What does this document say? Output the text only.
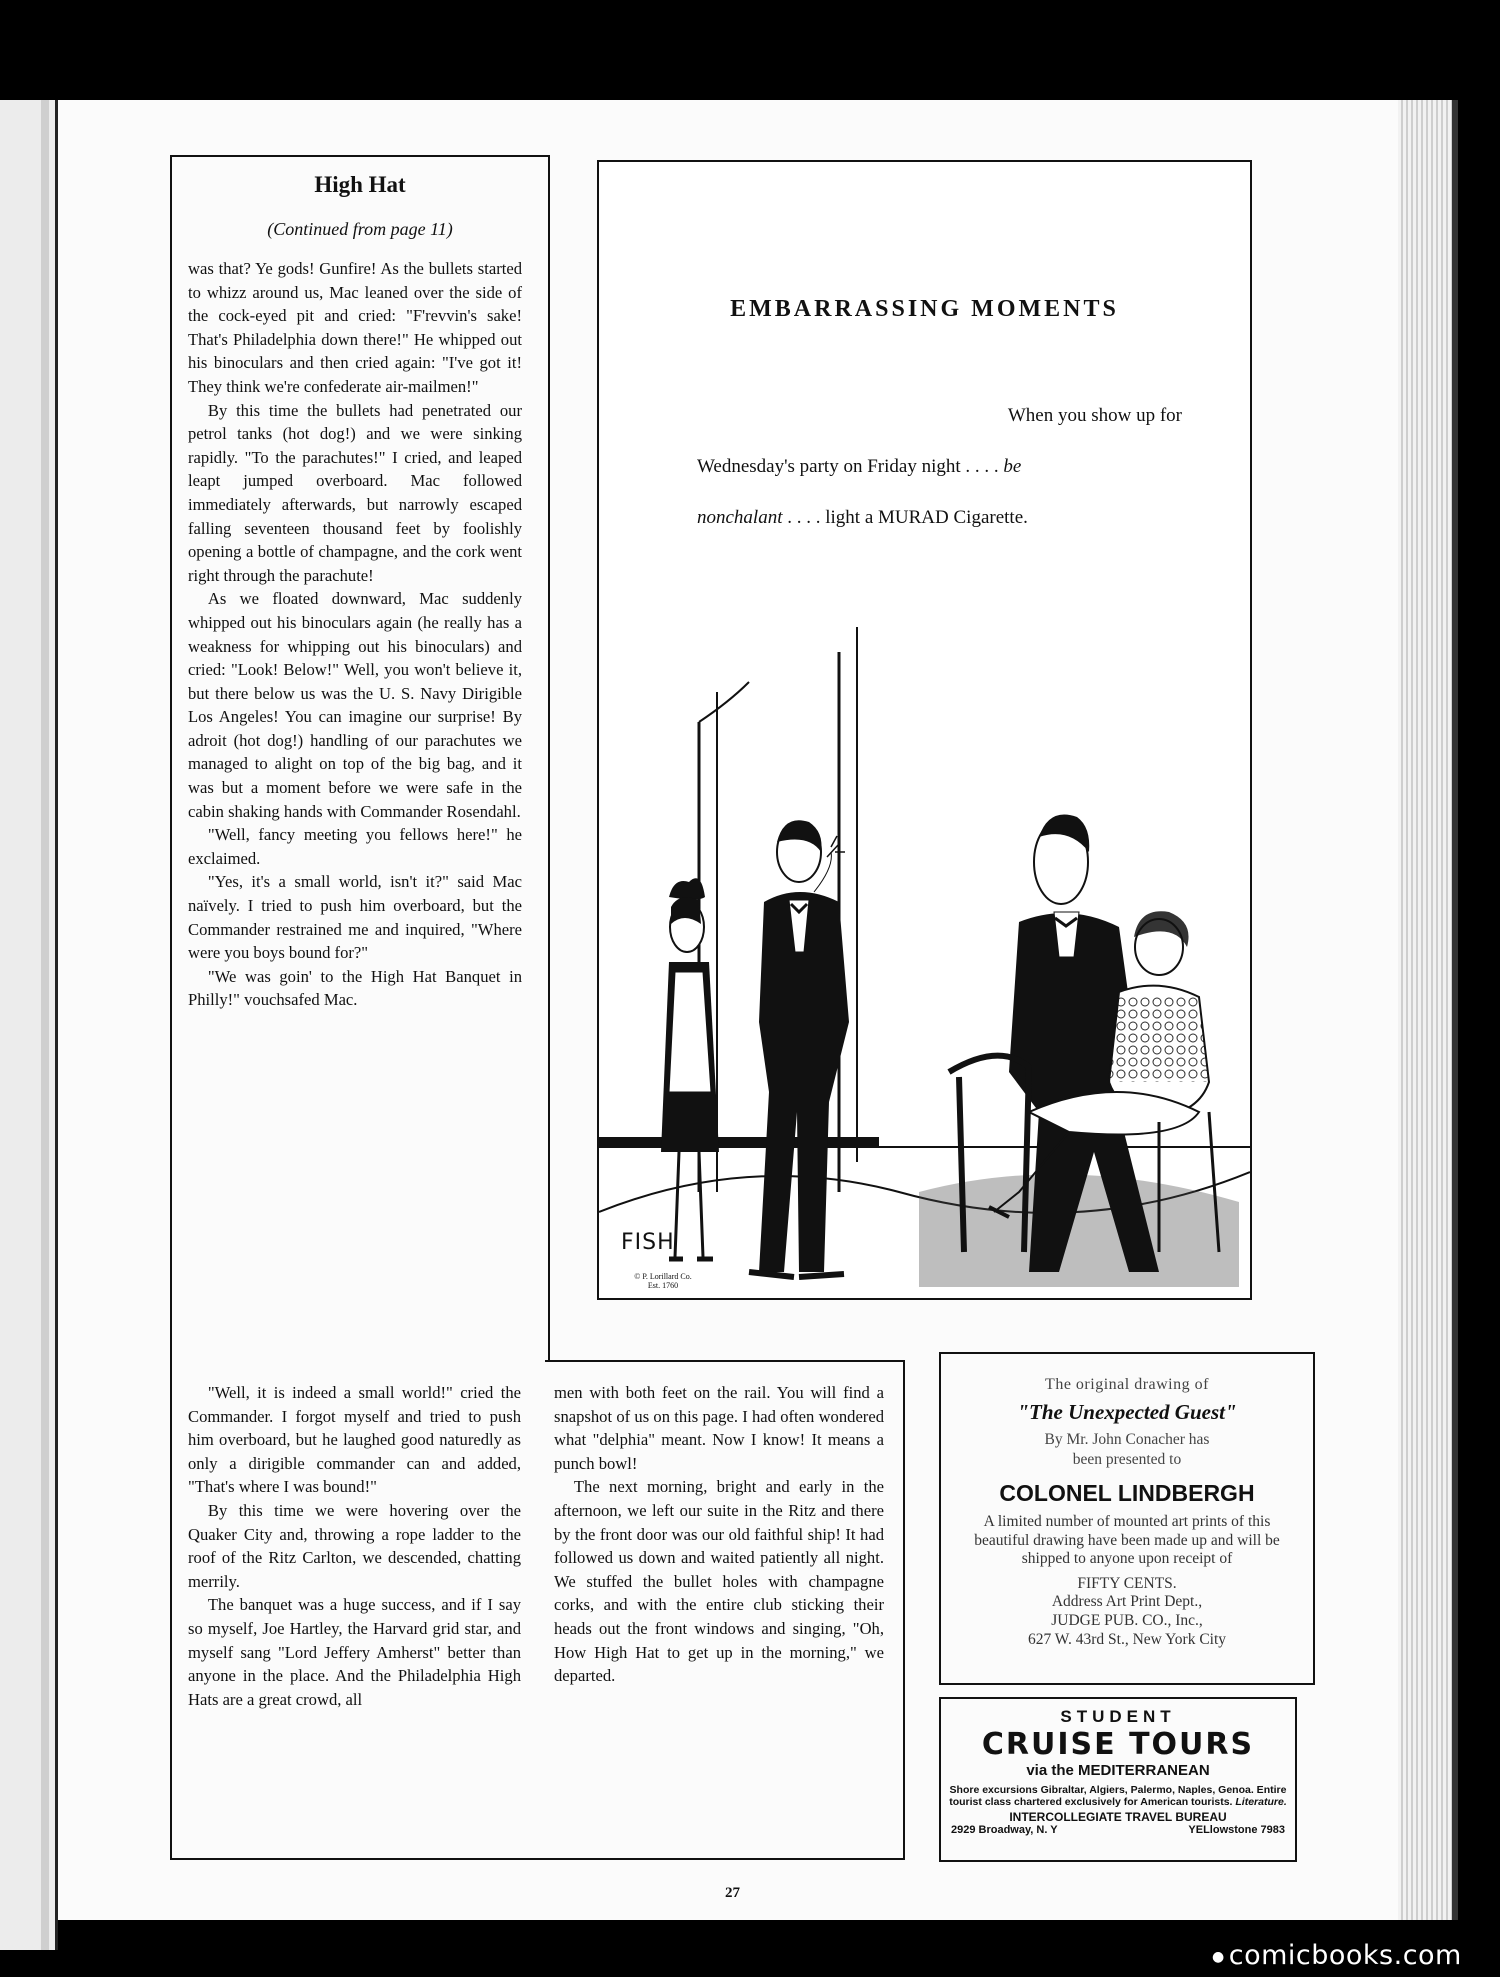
High Hat
(Continued from page 11)

was that? Ye gods! Gunfire! As the bullets started to whizz around us, Mac leaned over the side of the cock-eyed pit and cried: "F'revvin's sake! That's Philadelphia down there!" He whipped out his binoculars and then cried again: "I've got it! They think we're confederate air-mailmen!"

By this time the bullets had penetrated our petrol tanks (hot dog!) and we were sinking rapidly. "To the parachutes!" I cried, and leaped leapt jumped overboard. Mac followed immediately afterwards, but narrowly escaped falling seventeen thousand feet by foolishly opening a bottle of champagne, and the cork went right through the parachute!

As we floated downward, Mac suddenly whipped out his binoculars again (he really has a weakness for whipping out his binoculars) and cried: "Look! Below!" Well, you won't believe it, but there below us was the U. S. Navy Dirigible Los Angeles! You can imagine our surprise! By adroit (hot dog!) handling of our parachutes we managed to alight on top of the big bag, and it was but a moment before we were safe in the cabin shaking hands with Commander Rosendahl.

"Well, fancy meeting you fellows here!" he exclaimed.

"Yes, it's a small world, isn't it?" said Mac naïvely. I tried to push him overboard, but the Commander restrained me and inquired, "Where were you boys bound for?"

"We was goin' to the High Hat Banquet in Philly!" vouchsafed Mac.

"Well, it is indeed a small world!" cried the Commander. I forgot myself and tried to push him overboard, but he laughed good naturedly as only a dirigible commander can and added, "That's where I was bound!"

By this time we were hovering over the Quaker City and, throwing a rope ladder to the roof of the Ritz Carlton, we descended, chatting merrily.

The banquet was a huge success, and if I say so myself, Joe Hartley, the Harvard grid star, and myself sang "Lord Jeffery Amherst" better than anyone in the place. And the Philadelphia High Hats are a great crowd, all

men with both feet on the rail. You will find a snapshot of us on this page. I had often wondered what "delphia" meant. Now I know! It means a punch bowl!

The next morning, bright and early in the afternoon, we left our suite in the Ritz and there by the front door was our old faithful ship! It had followed us down and waited patiently all night. We stuffed the bullet holes with champagne corks, and with the entire club sticking their heads out the front windows and singing, "Oh, How High Hat to get up in the morning," we departed.

EMBARRASSING MOMENTS
When you show up for
Wednesday's party on Friday night . . . . be
nonchalant . . . . light a MURAD Cigarette.
FISH
© P. Lorillard Co.
Est. 1760
The original drawing of
"The Unexpected Guest"
By Mr. John Conacher has
been presented to
COLONEL LINDBERGH
A limited number of mounted art prints of this beautiful drawing have been made up and will be shipped to anyone upon receipt of
FIFTY CENTS.
Address Art Print Dept.,
JUDGE PUB. CO., Inc.,
627 W. 43rd St., New York City
STUDENT
CRUISE TOURS
via the MEDITERRANEAN
Shore excursions Gibraltar, Algiers, Palermo, Naples, Genoa. Entire tourist class chartered exclusively for American tourists. Literature.
INTERCOLLEGIATE TRAVEL BUREAU
2929 Broadway, N. Y	YELlowstone 7983
27
● comicbooks.com
